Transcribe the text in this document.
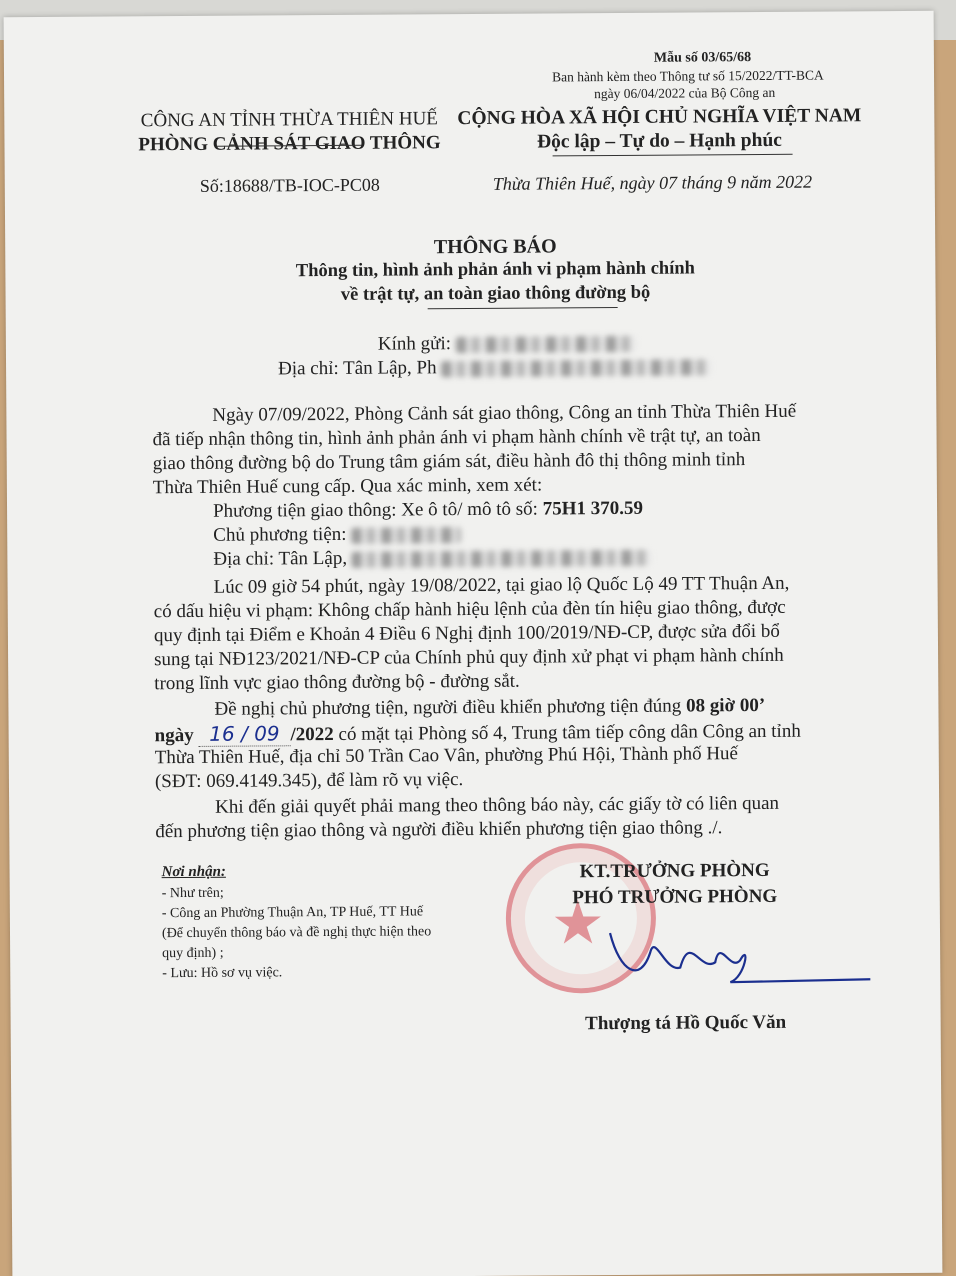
Mẫu số 03/65/68
Ban hành kèm theo Thông tư số 15/2022/TT-BCA
ngày 06/04/2022 của Bộ Công an
CÔNG AN TỈNH THỪA THIÊN HUẾ
PHÒNG CẢNH SÁT GIAO THÔNG
Số:18688/TB-IOC-PC08
CỘNG HÒA XÃ HỘI CHỦ NGHĨA VIỆT NAM
Độc lập – Tự do – Hạnh phúc
Thừa Thiên Huế, ngày 07 tháng 9 năm 2022
THÔNG BÁO
Thông tin, hình ảnh phản ánh vi phạm hành chính
về trật tự, an toàn giao thông đường bộ
Kính gửi:
Địa chỉ: Tân Lập, Ph
Ngày 07/09/2022, Phòng Cảnh sát giao thông, Công an tỉnh Thừa Thiên Huế
đã tiếp nhận thông tin, hình ảnh phản ánh vi phạm hành chính về trật tự, an toàn
giao thông đường bộ do Trung tâm giám sát, điều hành đô thị thông minh tỉnh
Thừa Thiên Huế cung cấp. Qua xác minh, xem xét:
Phương tiện giao thông: Xe ô tô/ mô tô số: 75H1 370.59
Chủ phương tiện:
Địa chỉ: Tân Lập,
Lúc 09 giờ 54 phút, ngày 19/08/2022, tại giao lộ Quốc Lộ 49 TT Thuận An,
có dấu hiệu vi phạm: Không chấp hành hiệu lệnh của đèn tín hiệu giao thông, được
quy định tại Điểm e Khoản 4 Điều 6 Nghị định 100/2019/NĐ-CP, được sửa đổi bổ
sung tại NĐ123/2021/NĐ-CP của Chính phủ quy định xử phạt vi phạm hành chính
trong lĩnh vực giao thông đường bộ - đường sắt.
Đề nghị chủ phương tiện, người điều khiển phương tiện đúng 08 giờ 00’
ngày 16 / 09 /2022 có mặt tại Phòng số 4, Trung tâm tiếp công dân Công an tỉnh
Thừa Thiên Huế, địa chỉ 50 Trần Cao Vân, phường Phú Hội, Thành phố Huế
(SĐT: 069.4149.345), để làm rõ vụ việc.
Khi đến giải quyết phải mang theo thông báo này, các giấy tờ có liên quan
đến phương tiện giao thông và người điều khiển phương tiện giao thông ./.
Nơi nhận:
- Như trên;
- Công an Phường Thuận An, TP Huế, TT Huế
(Để chuyển thông báo và đề nghị thực hiện theo
quy định) ;
- Lưu: Hồ sơ vụ việc.
★
KT.TRƯỞNG PHÒNG
PHÓ TRƯỞNG PHÒNG
Thượng tá Hồ Quốc Văn
